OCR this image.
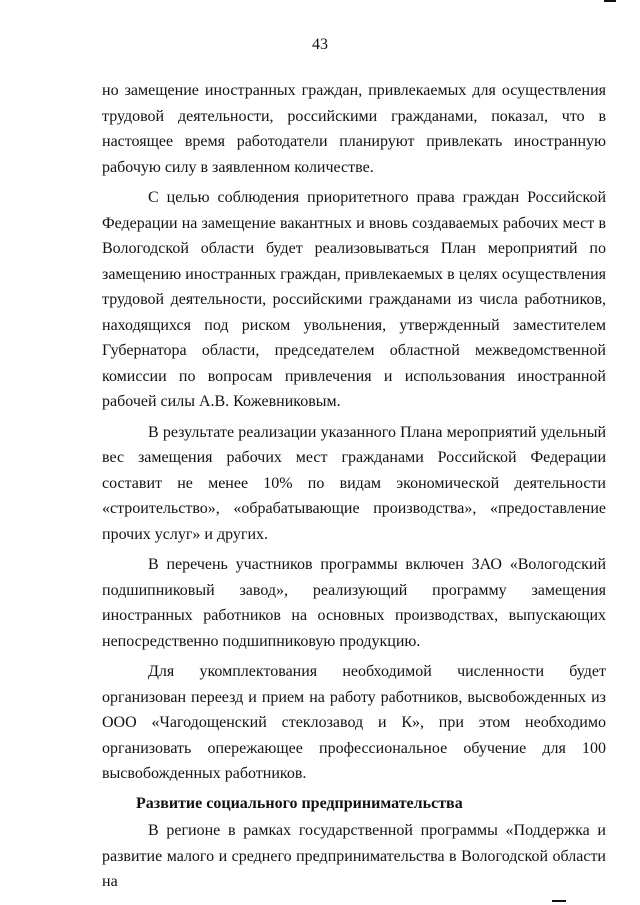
43

но замещение иностранных граждан, привлекаемых для осуществления трудовой деятельности, российскими гражданами, показал, что в настоящее время работодатели планируют привлекать иностранную рабочую силу в заявленном количестве.

С целью соблюдения приоритетного права граждан Российской Федерации на замещение вакантных и вновь создаваемых рабочих мест в Вологодской области будет реализовываться План мероприятий по замещению иностранных граждан, привлекаемых в целях осуществления трудовой деятельности, российскими гражданами из числа работников, находящихся под риском увольнения, утвержденный заместителем Губернатора области, председателем областной межведомственной комиссии по вопросам привлечения и использования иностранной рабочей силы А.В. Кожевниковым.

В результате реализации указанного Плана мероприятий удельный вес замещения рабочих мест гражданами Российской Федерации составит не менее 10% по видам экономической деятельности «строительство», «обрабатывающие производства», «предоставление прочих услуг» и других.

В перечень участников программы включен ЗАО «Вологодский подшипниковый завод», реализующий программу замещения иностранных работников на основных производствах, выпускающих непосредственно подшипниковую продукцию.

Для укомплектования необходимой численности будет организован переезд и прием на работу работников, высвобожденных из ООО «Чагодощенский стеклозавод и К», при этом необходимо организовать опережающее профессиональное обучение для 100 высвобожденных работников.

Развитие социального предпринимательства

В регионе в рамках государственной программы «Поддержка и развитие малого и среднего предпринимательства в Вологодской области на
